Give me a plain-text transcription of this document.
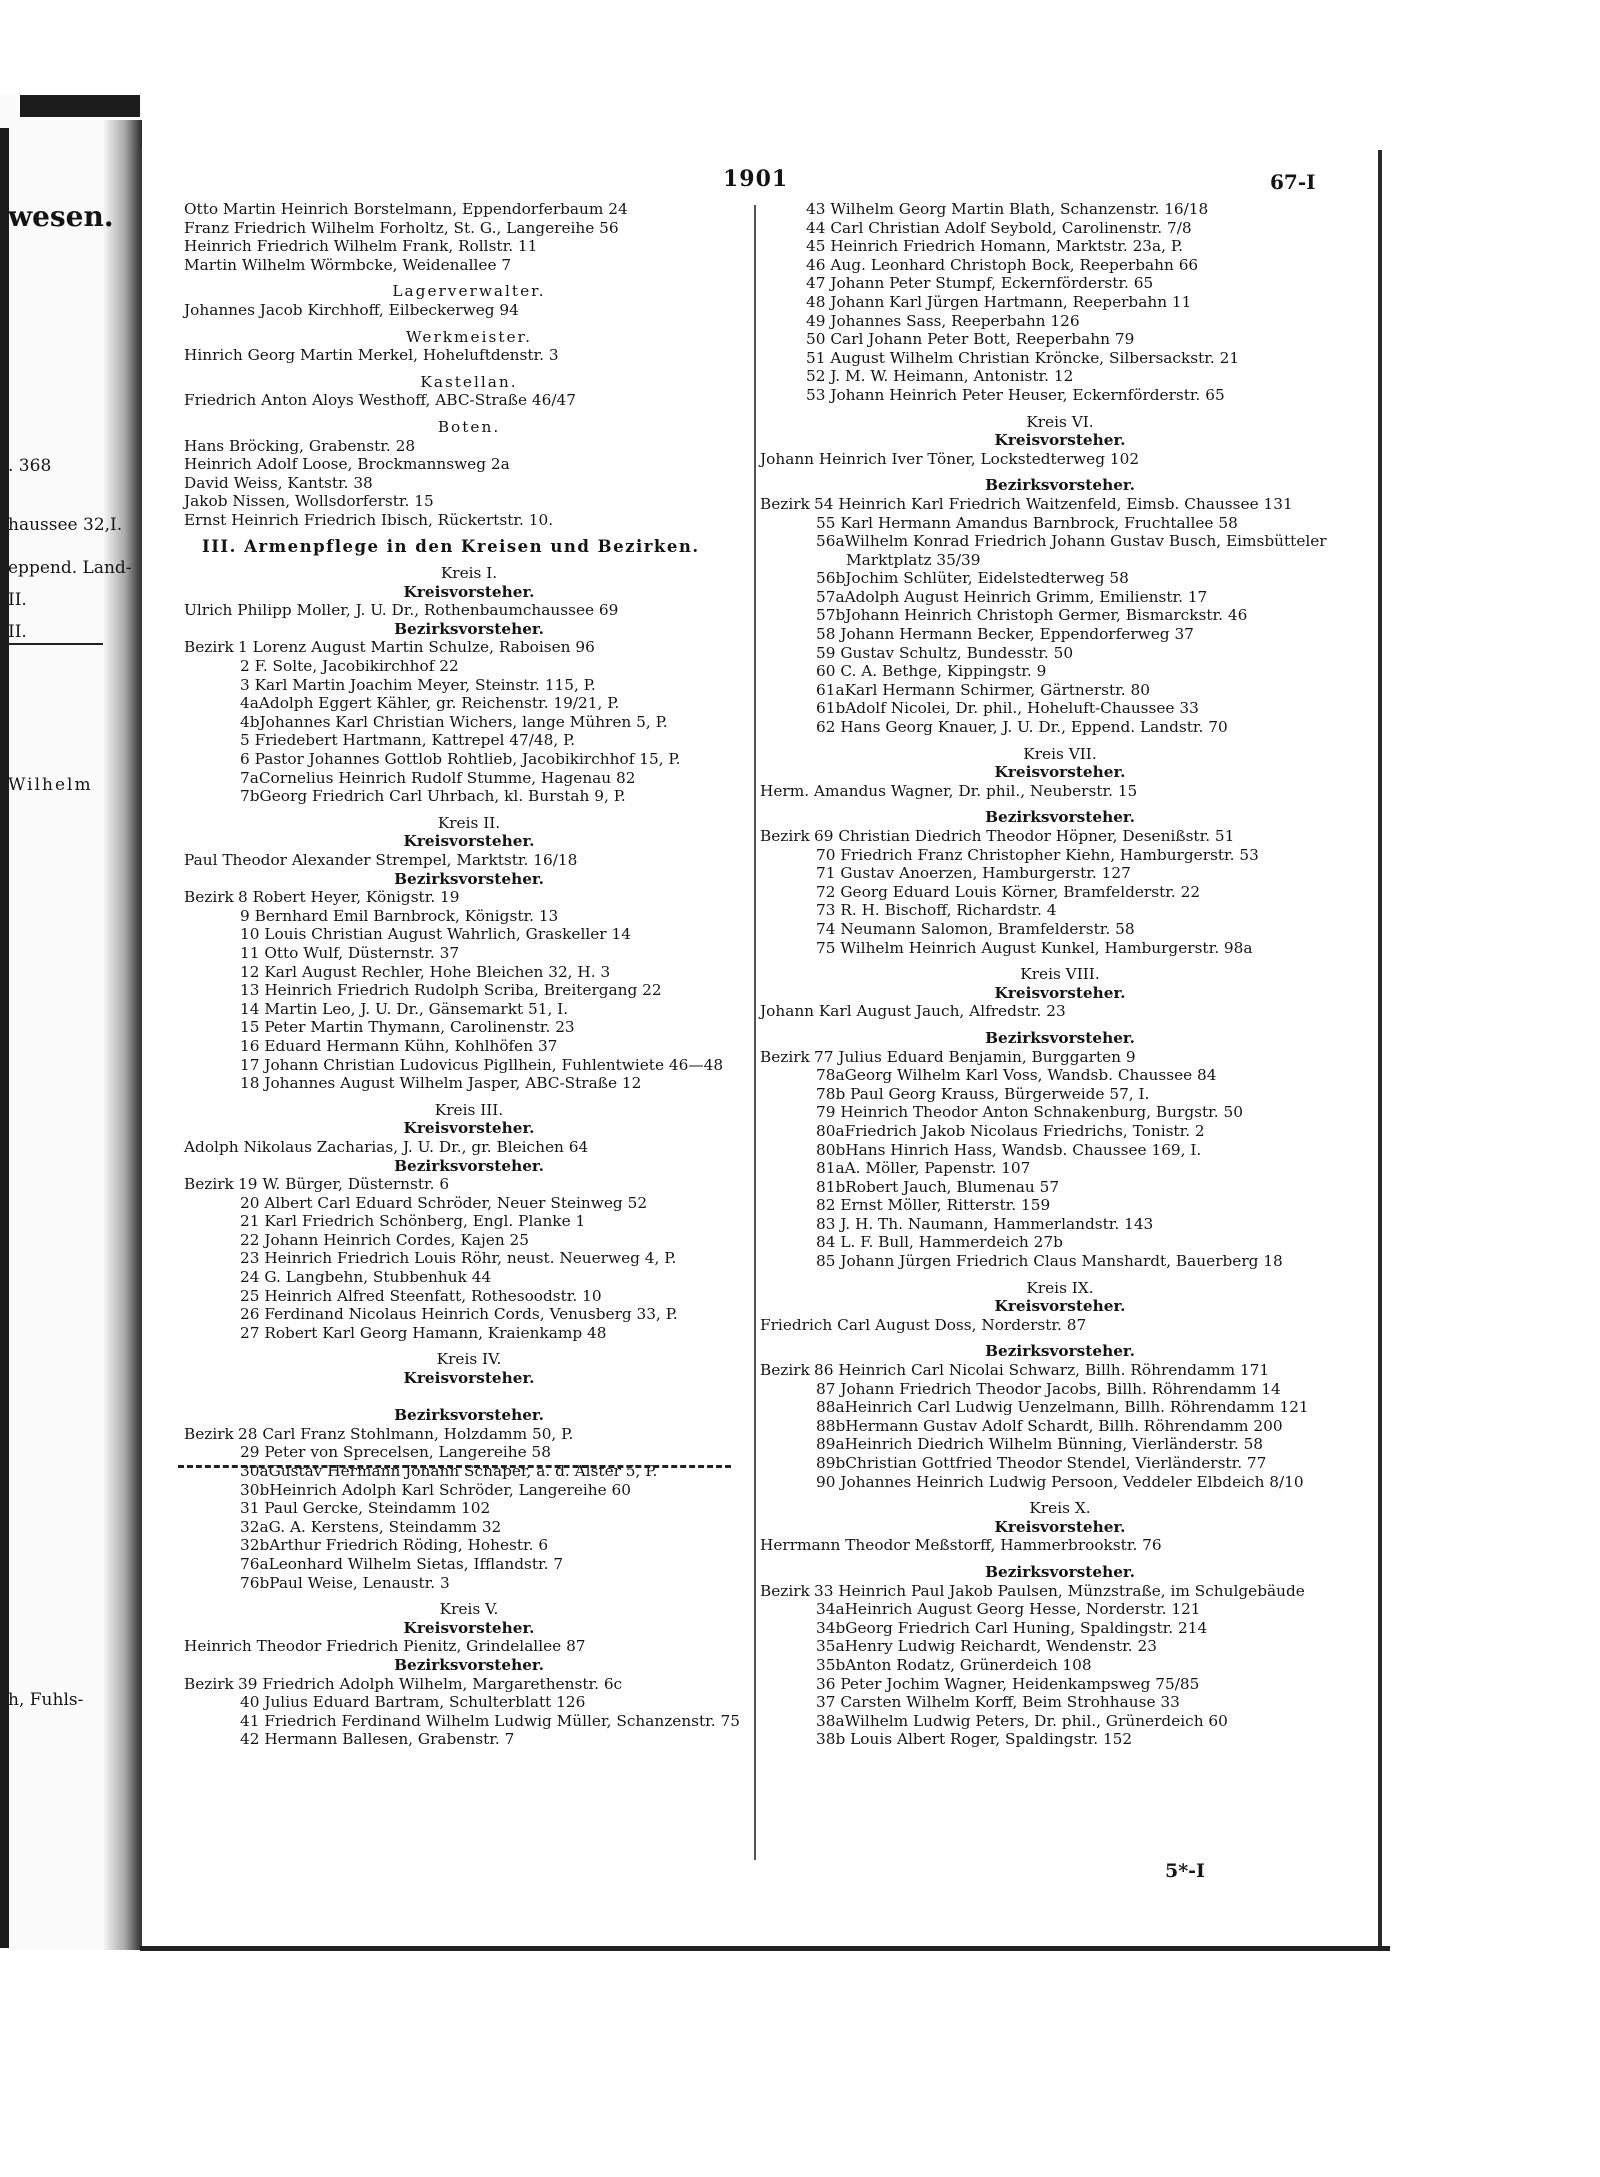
wesen.
. 368
haussee 32,I.
eppend. Land-
II.
II.
Wilhelm
h, Fuhls-
1901	67-I
Otto Martin Heinrich Borstelmann, Eppendorferbaum 24
Franz Friedrich Wilhelm Forholtz, St. G., Langereihe 56
Heinrich Friedrich Wilhelm Frank, Rollstr. 11
Martin Wilhelm Wörmbcke, Weidenallee 7
Lagerverwalter.
Johannes Jacob Kirchhoff, Eilbeckerweg 94
Werkmeister.
Hinrich Georg Martin Merkel, Hoheluftdenstr. 3
Kastellan.
Friedrich Anton Aloys Westhoff, ABC-Straße 46/47
Boten.
Hans Bröcking, Grabenstr. 28
Heinrich Adolf Loose, Brockmannsweg 2a
David Weiss, Kantstr. 38
Jakob Nissen, Wollsdorferstr. 15
Ernst Heinrich Friedrich Ibisch, Rückertstr. 10.
III. Armenpflege in den Kreisen und Bezirken.
Kreis I.
Kreisvorsteher.
Ulrich Philipp Moller, J. U. Dr., Rothenbaumchaussee 69
Bezirksvorsteher.
Bezirk 1 Lorenz August Martin Schulze, Raboisen 96
2 F. Solte, Jacobikirchhof 22
3 Karl Martin Joachim Meyer, Steinstr. 115, P.
4aAdolph Eggert Kähler, gr. Reichenstr. 19/21, P.
4bJohannes Karl Christian Wichers, lange Mühren 5, P.
5 Friedebert Hartmann, Kattrepel 47/48, P.
6 Pastor Johannes Gottlob Rohtlieb, Jacobikirchhof 15, P.
7aCornelius Heinrich Rudolf Stumme, Hagenau 82
7bGeorg Friedrich Carl Uhrbach, kl. Burstah 9, P.
Kreis II.
Kreisvorsteher.
Paul Theodor Alexander Strempel, Marktstr. 16/18
Bezirksvorsteher.
Bezirk 8 Robert Heyer, Königstr. 19
9 Bernhard Emil Barnbrock, Königstr. 13
10 Louis Christian August Wahrlich, Graskeller 14
11 Otto Wulf, Düsternstr. 37
12 Karl August Rechler, Hohe Bleichen 32, H. 3
13 Heinrich Friedrich Rudolph Scriba, Breitergang 22
14 Martin Leo, J. U. Dr., Gänsemarkt 51, I.
15 Peter Martin Thymann, Carolinenstr. 23
16 Eduard Hermann Kühn, Kohlhöfen 37
17 Johann Christian Ludovicus Pigllhein, Fuhlentwiete 46—48
18 Johannes August Wilhelm Jasper, ABC-Straße 12
Kreis III.
Kreisvorsteher.
Adolph Nikolaus Zacharias, J. U. Dr., gr. Bleichen 64
Bezirksvorsteher.
Bezirk 19 W. Bürger, Düsternstr. 6
20 Albert Carl Eduard Schröder, Neuer Steinweg 52
21 Karl Friedrich Schönberg, Engl. Planke 1
22 Johann Heinrich Cordes, Kajen 25
23 Heinrich Friedrich Louis Röhr, neust. Neuerweg 4, P.
24 G. Langbehn, Stubbenhuk 44
25 Heinrich Alfred Steenfatt, Rothesoodstr. 10
26 Ferdinand Nicolaus Heinrich Cords, Venusberg 33, P.
27 Robert Karl Georg Hamann, Kraienkamp 48
Kreis IV.
Kreisvorsteher.
Bezirksvorsteher.
Bezirk 28 Carl Franz Stohlmann, Holzdamm 50, P.
29 Peter von Sprecelsen, Langereihe 58
30aGustav Hermann Johann Schaper, a. d. Alster 5, P.
30bHeinrich Adolph Karl Schröder, Langereihe 60
31 Paul Gercke, Steindamm 102
32aG. A. Kerstens, Steindamm 32
32bArthur Friedrich Röding, Hohestr. 6
76aLeonhard Wilhelm Sietas, Ifflandstr. 7
76bPaul Weise, Lenaustr. 3
Kreis V.
Kreisvorsteher.
Heinrich Theodor Friedrich Pienitz, Grindelallee 87
Bezirksvorsteher.
Bezirk 39 Friedrich Adolph Wilhelm, Margarethenstr. 6c
40 Julius Eduard Bartram, Schulterblatt 126
41 Friedrich Ferdinand Wilhelm Ludwig Müller, Schanzenstr. 75
42 Hermann Ballesen, Grabenstr. 7
43 Wilhelm Georg Martin Blath, Schanzenstr. 16/18
44 Carl Christian Adolf Seybold, Carolinenstr. 7/8
45 Heinrich Friedrich Homann, Marktstr. 23a, P.
46 Aug. Leonhard Christoph Bock, Reeperbahn 66
47 Johann Peter Stumpf, Eckernförderstr. 65
48 Johann Karl Jürgen Hartmann, Reeperbahn 11
49 Johannes Sass, Reeperbahn 126
50 Carl Johann Peter Bott, Reeperbahn 79
51 August Wilhelm Christian Kröncke, Silbersackstr. 21
52 J. M. W. Heimann, Antonistr. 12
53 Johann Heinrich Peter Heuser, Eckernförderstr. 65
Kreis VI.
Kreisvorsteher.
Johann Heinrich Iver Töner, Lockstedterweg 102
Bezirksvorsteher.
Bezirk 54 Heinrich Karl Friedrich Waitzenfeld, Eimsb. Chaussee 131
55 Karl Hermann Amandus Barnbrock, Fruchtallee 58
56aWilhelm Konrad Friedrich Johann Gustav Busch, Eimsbütteler
Marktplatz 35/39
56bJochim Schlüter, Eidelstedterweg 58
57aAdolph August Heinrich Grimm, Emilienstr. 17
57bJohann Heinrich Christoph Germer, Bismarckstr. 46
58 Johann Hermann Becker, Eppendorferweg 37
59 Gustav Schultz, Bundesstr. 50
60 C. A. Bethge, Kippingstr. 9
61aKarl Hermann Schirmer, Gärtnerstr. 80
61bAdolf Nicolei, Dr. phil., Hoheluft-Chaussee 33
62 Hans Georg Knauer, J. U. Dr., Eppend. Landstr. 70
Kreis VII.
Kreisvorsteher.
Herm. Amandus Wagner, Dr. phil., Neuberstr. 15
Bezirksvorsteher.
Bezirk 69 Christian Diedrich Theodor Höpner, Desenißstr. 51
70 Friedrich Franz Christopher Kiehn, Hamburgerstr. 53
71 Gustav Anoerzen, Hamburgerstr. 127
72 Georg Eduard Louis Körner, Bramfelderstr. 22
73 R. H. Bischoff, Richardstr. 4
74 Neumann Salomon, Bramfelderstr. 58
75 Wilhelm Heinrich August Kunkel, Hamburgerstr. 98a
Kreis VIII.
Kreisvorsteher.
Johann Karl August Jauch, Alfredstr. 23
Bezirksvorsteher.
Bezirk 77 Julius Eduard Benjamin, Burggarten 9
78aGeorg Wilhelm Karl Voss, Wandsb. Chaussee 84
78b Paul Georg Krauss, Bürgerweide 57, I.
79 Heinrich Theodor Anton Schnakenburg, Burgstr. 50
80aFriedrich Jakob Nicolaus Friedrichs, Tonistr. 2
80bHans Hinrich Hass, Wandsb. Chaussee 169, I.
81aA. Möller, Papenstr. 107
81bRobert Jauch, Blumenau 57
82 Ernst Möller, Ritterstr. 159
83 J. H. Th. Naumann, Hammerlandstr. 143
84 L. F. Bull, Hammerdeich 27b
85 Johann Jürgen Friedrich Claus Manshardt, Bauerberg 18
Kreis IX.
Kreisvorsteher.
Friedrich Carl August Doss, Norderstr. 87
Bezirksvorsteher.
Bezirk 86 Heinrich Carl Nicolai Schwarz, Billh. Röhrendamm 171
87 Johann Friedrich Theodor Jacobs, Billh. Röhrendamm 14
88aHeinrich Carl Ludwig Uenzelmann, Billh. Röhrendamm 121
88bHermann Gustav Adolf Schardt, Billh. Röhrendamm 200
89aHeinrich Diedrich Wilhelm Bünning, Vierländerstr. 58
89bChristian Gottfried Theodor Stendel, Vierländerstr. 77
90 Johannes Heinrich Ludwig Persoon, Veddeler Elbdeich 8/10
Kreis X.
Kreisvorsteher.
Herrmann Theodor Meßstorff, Hammerbrookstr. 76
Bezirksvorsteher.
Bezirk 33 Heinrich Paul Jakob Paulsen, Münzstraße, im Schulgebäude
34aHeinrich August Georg Hesse, Norderstr. 121
34bGeorg Friedrich Carl Huning, Spaldingstr. 214
35aHenry Ludwig Reichardt, Wendenstr. 23
35bAnton Rodatz, Grünerdeich 108
36 Peter Jochim Wagner, Heidenkampsweg 75/85
37 Carsten Wilhelm Korff, Beim Strohhause 33
38aWilhelm Ludwig Peters, Dr. phil., Grünerdeich 60
38b Louis Albert Roger, Spaldingstr. 152
5*-I
